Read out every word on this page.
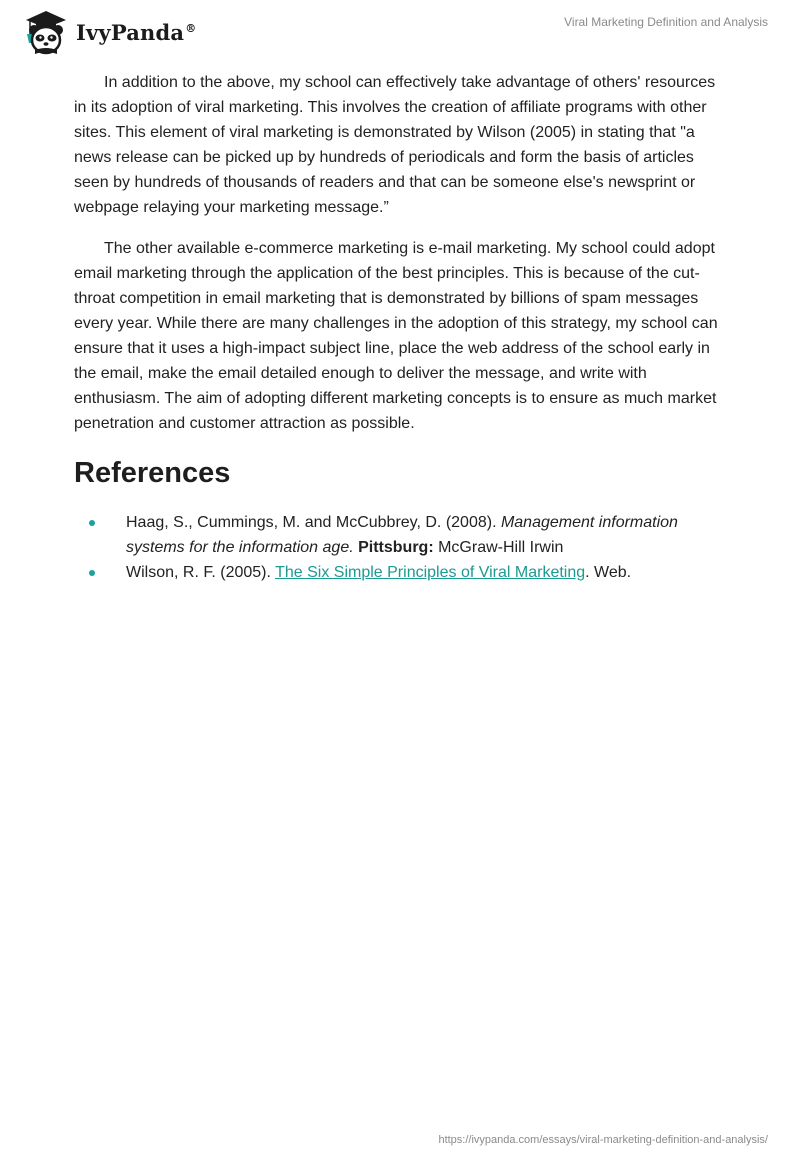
IvyPanda®	Viral Marketing Definition and Analysis

In addition to the above, my school can effectively take advantage of others' resources in its adoption of viral marketing. This involves the creation of affiliate programs with other sites. This element of viral marketing is demonstrated by Wilson (2005) in stating that "a news release can be picked up by hundreds of periodicals and form the basis of articles seen by hundreds of thousands of readers and that can be someone else's newsprint or webpage relaying your marketing message.”

The other available e-commerce marketing is e-mail marketing. My school could adopt email marketing through the application of the best principles. This is because of the cut-throat competition in email marketing that is demonstrated by billions of spam messages every year. While there are many challenges in the adoption of this strategy, my school can ensure that it uses a high-impact subject line, place the web address of the school early in the email, make the email detailed enough to deliver the message, and write with enthusiasm. The aim of adopting different marketing concepts is to ensure as much market penetration and customer attraction as possible.

References
Haag, S., Cummings, M. and McCubbrey, D. (2008). Management information systems for the information age. Pittsburg: McGraw-Hill Irwin
Wilson, R. F. (2005). The Six Simple Principles of Viral Marketing. Web.
https://ivypanda.com/essays/viral-marketing-definition-and-analysis/
